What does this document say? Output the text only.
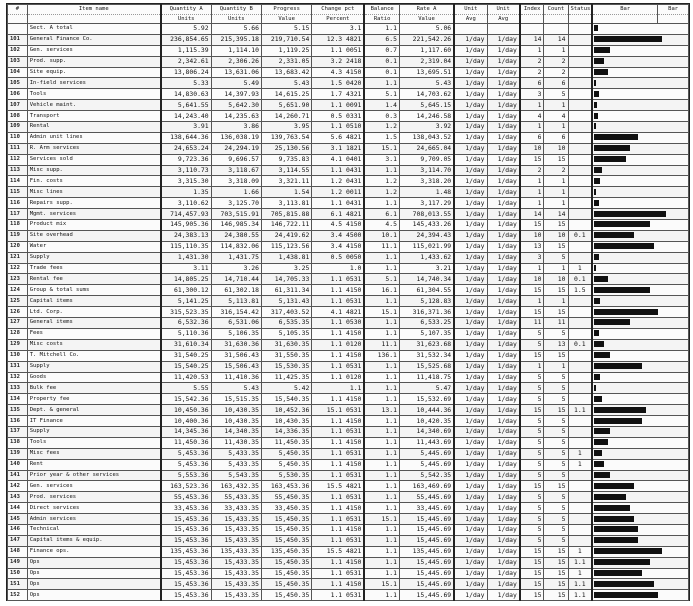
#	Item name	Quantity A	Quantity B	Progress	Change pct	Balance	Rate A	Unit	Unit	Index	Count	Status	Bar	Bar
		Units	Units	Value	Percent	Ratio	Value	Avg	Avg					
	Sect. A total	5.92	5.66	5.15	3.1	1.1	5.06							
101	General Finance Co.	236,854.65	215,395.18	219,710.54	12.3 4821	6.5	221,542.26	1/day	1/day	14	14			
102	Gen. services	1,115.39	1,114.10	1,119.25	1.1 0051	0.7	1,117.60	1/day	1/day	1	1			
103	Prod. supp.	2,342.61	2,306.26	2,331.05	3.2 2418	0.1	2,319.04	1/day	1/day	2	2			
104	Site equip.	13,806.24	13,631.06	13,683.42	4.3 4150	0.1	13,695.51	1/day	1/day	2	2			
105	In-field services	5.33	5.49	5.43	1.5 0420	1.1	5.43	1/day	1/day	6	6			
106	Tools	14,830.63	14,397.93	14,615.25	1.7 4321	5.1	14,703.62	1/day	1/day	3	5			
107	Vehicle maint.	5,641.55	5,642.30	5,651.90	1.1 0091	1.4	5,645.15	1/day	1/day	1	1			
108	Transport	14,243.40	14,235.63	14,260.71	0.5 0331	0.3	14,246.58	1/day	1/day	4	4			
109	Rental	3.91	3.86	3.95	1.1 0510	1.2	3.92	1/day	1/day	1	1			
110	Admin unit lines	138,644.36	136,038.19	139,763.54	5.6 4821	1.5	138,043.52	1/day	1/day	6	6			
111	R. Arm services	24,653.24	24,294.19	25,130.56	3.1 1821	15.1	24,665.04	1/day	1/day	10	10			
112	Services sold	9,723.36	9,696.57	9,735.83	4.1 0401	3.1	9,709.05	1/day	1/day	15	15			
113	Misc supp.	3,110.73	3,118.67	3,114.55	1.1 0431	1.1	3,114.70	1/day	1/day	2	2			
114	Fin. costs	3,315.30	3,318.09	3,321.11	1.2 0431	1.2	3,318.20	1/day	1/day	1	1			
115	Misc lines	1.35	1.66	1.54	1.2 0011	1.2	1.48	1/day	1/day	1	1			
116	Repairs supp.	3,110.62	3,125.70	3,113.81	1.1 0431	1.1	3,117.29	1/day	1/day	1	1			
117	Mgmt. services	714,457.93	703,515.91	705,815.88	6.1 4821	6.1	708,013.55	1/day	1/day	14	14			
118	Product mix	145,905.36	146,985.34	146,722.11	4.5 4150	4.5	145,433.26	1/day	1/day	15	15			
119	Site overhead	24,383.13	24,380.55	24,419.62	3.4 4500	10.1	24,394.43	1/day	1/day	10	10	0.1		
120	Water	115,110.35	114,832.06	115,123.56	3.4 4150	11.1	115,021.99	1/day	1/day	13	15			
121	Supply	1,431.30	1,431.75	1,438.81	0.5 0050	1.1	1,433.62	1/day	1/day	3	5			
122	Trade fees	3.11	3.26	3.25	1.0	1.1	3.21	1/day	1/day	1	1	1		
123	Rental fee	14,805.25	14,710.44	14,705.33	1.1 0531	5.1	14,740.34	1/day	1/day	10	10	0.1		
124	Group & total sums	61,300.12	61,302.18	61,311.34	1.1 4150	16.1	61,304.55	1/day	1/day	15	15	1.5		
125	Capital items	5,141.25	5,113.81	5,131.43	1.1 0531	1.1	5,128.83	1/day	1/day	1	1			
126	Ltd. Corp.	315,523.35	316,154.42	317,403.52	4.1 4821	15.1	316,371.36	1/day	1/day	15	15			
127	General items	6,532.36	6,531.06	6,535.35	1.1 0530	1.1	6,533.25	1/day	1/day	11	11			
128	Fees	5,110.36	5,106.35	5,105.35	1.1 4150	1.1	5,107.35	1/day	1/day	5	5			
129	Misc costs	31,610.34	31,630.36	31,630.35	1.1 0120	11.1	31,623.68	1/day	1/day	5	13	0.1		
130	T. Mitchell Co.	31,540.25	31,506.43	31,550.35	1.1 4150	136.1	31,532.34	1/day	1/day	15	15			
131	Supply	15,540.25	15,506.43	15,530.35	1.1 0531	1.1	15,525.68	1/day	1/day	1	1			
132	Goods	11,420.53	11,410.36	11,425.35	1.1 0120	1.1	11,418.75	1/day	1/day	5	5			
133	Bulk fee	5.55	5.43	5.42	1.1	1.1	5.47	1/day	1/day	5	5			
134	Property fee	15,542.36	15,515.35	15,540.35	1.1 4150	1.1	15,532.69	1/day	1/day	5	5			
135	Dept. & general	10,450.36	10,430.35	10,452.36	15.1 0531	13.1	10,444.36	1/day	1/day	15	15	1.1		
136	IT Finance	10,400.36	10,430.35	10,430.35	1.1 4150	1.1	10,420.35	1/day	1/day	5	5			
137	Supply	14,345.36	14,340.35	14,336.35	1.1 0531	1.1	14,340.69	1/day	1/day	5	5			
138	Tools	11,450.36	11,430.35	11,450.35	1.1 4150	1.1	11,443.69	1/day	1/day	5	5			
139	Misc fees	5,453.36	5,433.35	5,450.35	1.1 0531	1.1	5,445.69	1/day	1/day	5	5	1		
140	Rent	5,453.36	5,433.35	5,450.35	1.1 4150	1.1	5,445.69	1/day	1/day	5	5	1		
141	Prior year & other services	5,553.36	5,543.35	5,530.35	1.1 0531	1.1	5,542.35	1/day	1/day	5	5			
142	Gen. services	163,523.36	163,432.35	163,453.36	15.5 4821	1.1	163,469.69	1/day	1/day	15	15			
143	Prod. services	55,453.36	55,433.35	55,450.35	1.1 0531	1.1	55,445.69	1/day	1/day	5	5			
144	Direct services	33,453.36	33,433.35	33,450.35	1.1 4150	1.1	33,445.69	1/day	1/day	5	5			
145	Admin services	15,453.36	15,433.35	15,450.35	1.1 0531	15.1	15,445.69	1/day	1/day	5	5			
146	Technical	15,453.36	15,433.35	15,450.35	1.1 4150	1.1	15,445.69	1/day	1/day	5	5			
147	Capital items & equip.	15,453.36	15,433.35	15,450.35	1.1 0531	1.1	15,445.69	1/day	1/day	5	5			
148	Finance ops.	135,453.36	135,433.35	135,450.35	15.5 4821	1.1	135,445.69	1/day	1/day	15	15	1		
149	Ops	15,453.36	15,433.35	15,450.35	1.1 4150	1.1	15,445.69	1/day	1/day	15	15	1.1		
150	Ops	15,453.36	15,433.35	15,450.35	1.1 0531	1.1	15,445.69	1/day	1/day	15	15	1		
151	Ops	15,453.36	15,433.35	15,450.35	1.1 4150	15.1	15,445.69	1/day	1/day	15	15	1.1		
152	Ops	15,453.36	15,433.35	15,450.35	1.1 0531	1.1	15,445.69	1/day	1/day	15	15	1.1		
